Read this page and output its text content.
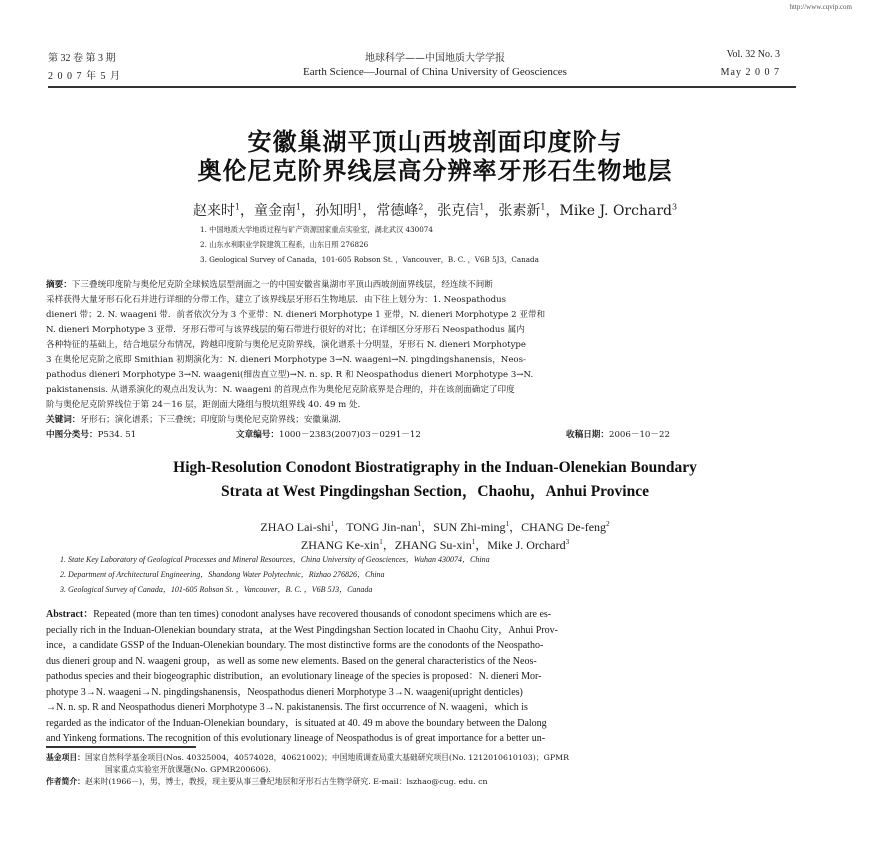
http://www.cqvip.com
第 32 卷 第 3 期
2 0 0 7 年 5 月
地球科学——中国地质大学学报
Earth Science—Journal of China University of Geosciences
Vol. 32 No. 3
May 2 0 0 7
安徽巢湖平顶山西坡剖面印度阶与
奥伦尼克阶界线层高分辨率牙形石生物地层
赵来时$^1$，童金南$^1$，孙知明$^1$，常德峰$^2$，张克信$^1$，张素新$^1$，Mike J. Orchard$^3$
1. 中国地质大学地质过程与矿产资源国家重点实验室，湖北武汉 430074
2. 山东水利职业学院建筑工程系，山东日照 276826
3. Geological Survey of Canada，101-605 Robson St. ，Vancouver，B. C. ，V6B 5J3，Canada
摘要：下三叠统印度阶与奥伦尼克阶全球候选层型剖面之一的中国安徽省巢湖市平顶山西坡剖面界线层，经连续不间断
采样获得大量牙形石化石并进行详细的分带工作，建立了该界线层牙形石生物地层．由下往上划分为：1. Neospathodus
dieneri 带；2. N. waageni 带．前者依次分为 3 个亚带：N. dieneri Morphotype 1 亚带，N. dieneri Morphotype 2 亚带和
N. dieneri Morphotype 3 亚带．牙形石带可与该界线层的菊石带进行很好的对比；在详细区分牙形石 Neospathodus 属内
各种特征的基础上，结合地层分布情况，跨越印度阶与奥伦尼克阶界线，演化谱系十分明显，牙形石 N. dieneri Morphotype
3 在奥伦尼克阶之底即 Smithian 初期演化为：N. dieneri Morphotype 3→N. waageni→N. pingdingshanensis，Neos-
pathodus dieneri Morphotype 3→N. waageni(细齿直立型)→N. n. sp. R 和 Neospathodus dieneri Morphotype 3→N.
pakistanensis. 从谱系演化的观点出发认为：N. waageni 的首现点作为奥伦尼克阶底界是合理的，并在该剖面确定了印度
阶与奥伦尼克阶界线位于第 24－16 层，距剖面大隆组与殷坑组界线 40. 49 m 处．
关键词：牙形石；演化谱系；下三叠统；印度阶与奥伦尼克阶界线；安徽巢湖．
中图分类号：P534. 51	文章编号：1000－2383(2007)03－0291－12	收稿日期：2006－10－22
High-Resolution Conodont Biostratigraphy in the Induan-Olenekian Boundary
Strata at West Pingdingshan Section，Chaohu，Anhui Province
ZHAO Lai-shi$^1$，TONG Jin-nan$^1$，SUN Zhi-ming$^1$，CHANG De-feng$^2$
ZHANG Ke-xin$^1$，ZHANG Su-xin$^1$，Mike J. Orchard$^3$
1. State Key Laboratory of Geological Processes and Mineral Resources，China University of Geosciences，Wuhan 430074，China
2. Department of Architectural Engineering，Shandong Water Polytechnic，Rizhao 276826，China
3. Geological Survey of Canada，101-605 Robson St. ，Vancouver，B. C. ，V6B 5J3，Canada
Abstract：Repeated (more than ten times) conodont analyses have recovered thousands of conodont specimens which are es-
pecially rich in the Induan-Olenekian boundary strata，at the West Pingdingshan Section located in Chaohu City，Anhui Prov-
ince，a candidate GSSP of the Induan-Olenekian boundary. The most distinctive forms are the conodonts of the Neospatho-
dus dieneri group and N. waageni group，as well as some new elements. Based on the general characteristics of the Neos-
pathodus species and their biogeographic distribution，an evolutionary lineage of the species is proposed：N. dieneri Mor-
photype 3→N. waageni→N. pingdingshanensis，Neospathodus dieneri Morphotype 3→N. waageni(upright denticles)
→N. n. sp. R and Neospathodus dieneri Morphotype 3→N. pakistanensis. The first occurrence of N. waageni，which is
regarded as the indicator of the Induan-Olenekian boundary，is situated at 40. 49 m above the boundary between the Dalong
and Yinkeng formations. The recognition of this evolutionary lineage of Neospathodus is of great importance for a better un-
基金项目：国家自然科学基金项目(Nos. 40325004，40574028，40621002)；中国地质调查局重大基础研究项目(No. 1212010610103)；GPMR
国家重点实验室开放课题(No. GPMR200606).
作者简介：赵来时(1966－)，男，博士，教授，现主要从事三叠纪地层和牙形石古生物学研究. E-mail：lszhao@cug. edu. cn
